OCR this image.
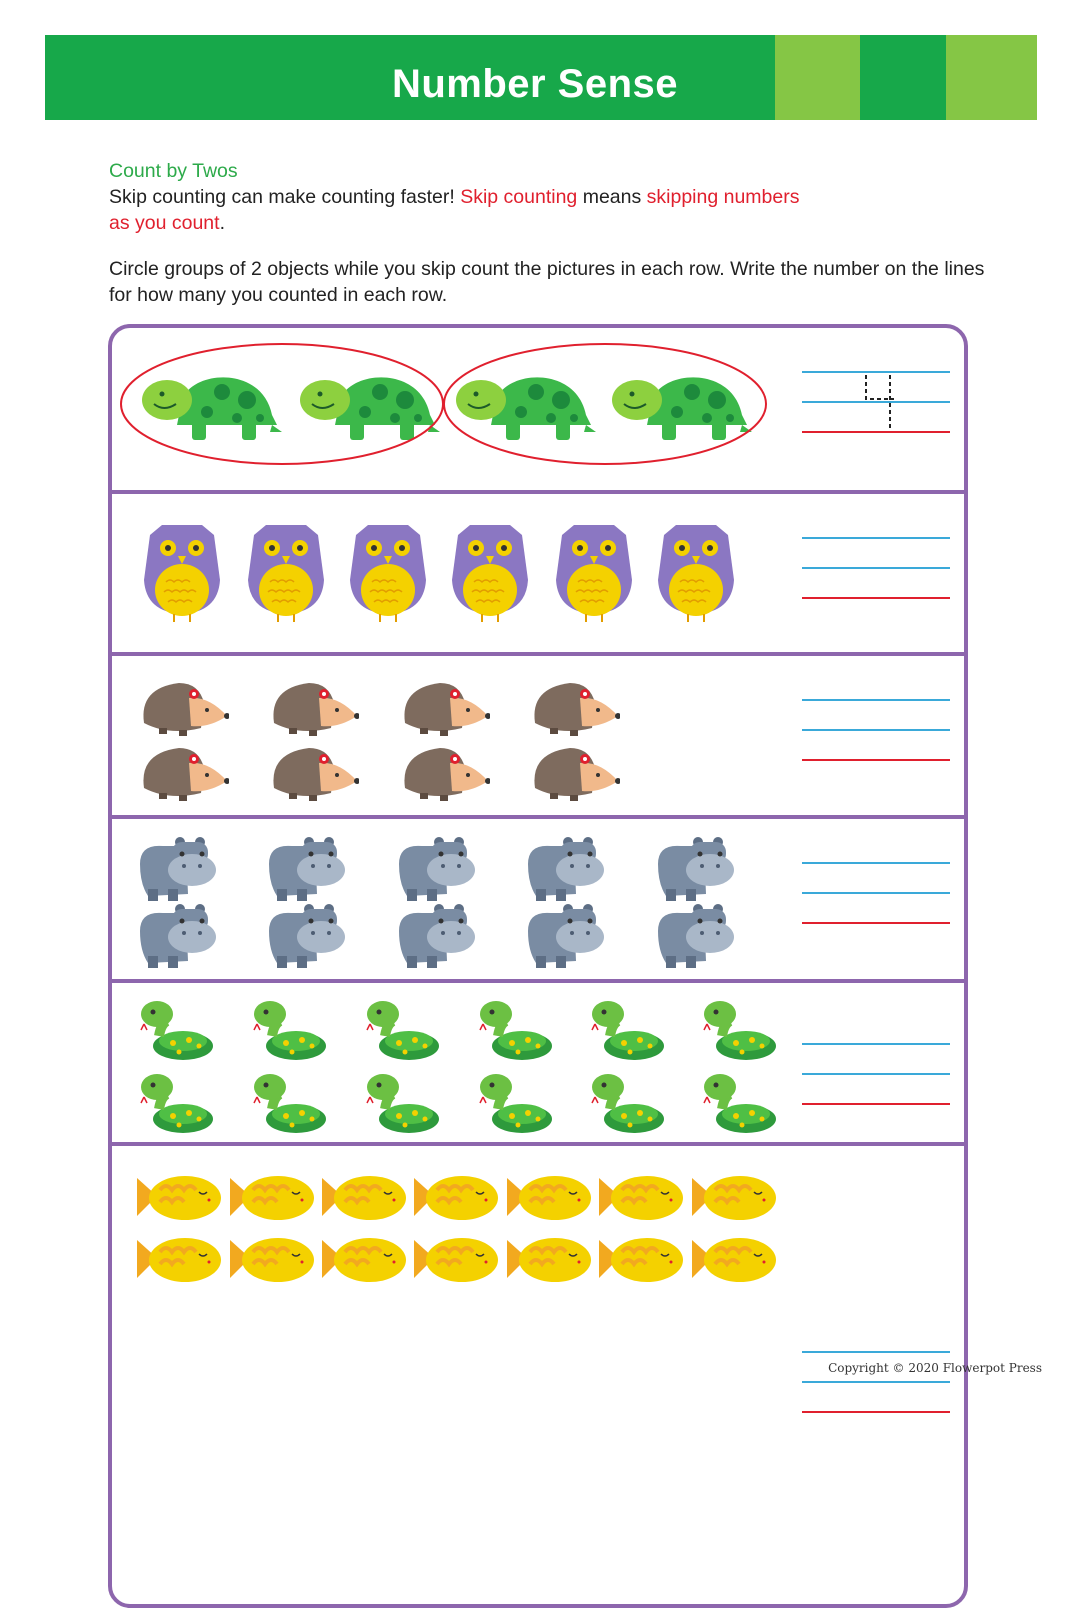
Number Sense
Count by Twos
Skip counting can make counting faster! Skip counting means skipping numbers
as you count.
Circle groups of 2 objects while you skip count the pictures in each row. Write the number on the lines for how many you counted in each row.
Copyright © 2020 Flowerpot Press
